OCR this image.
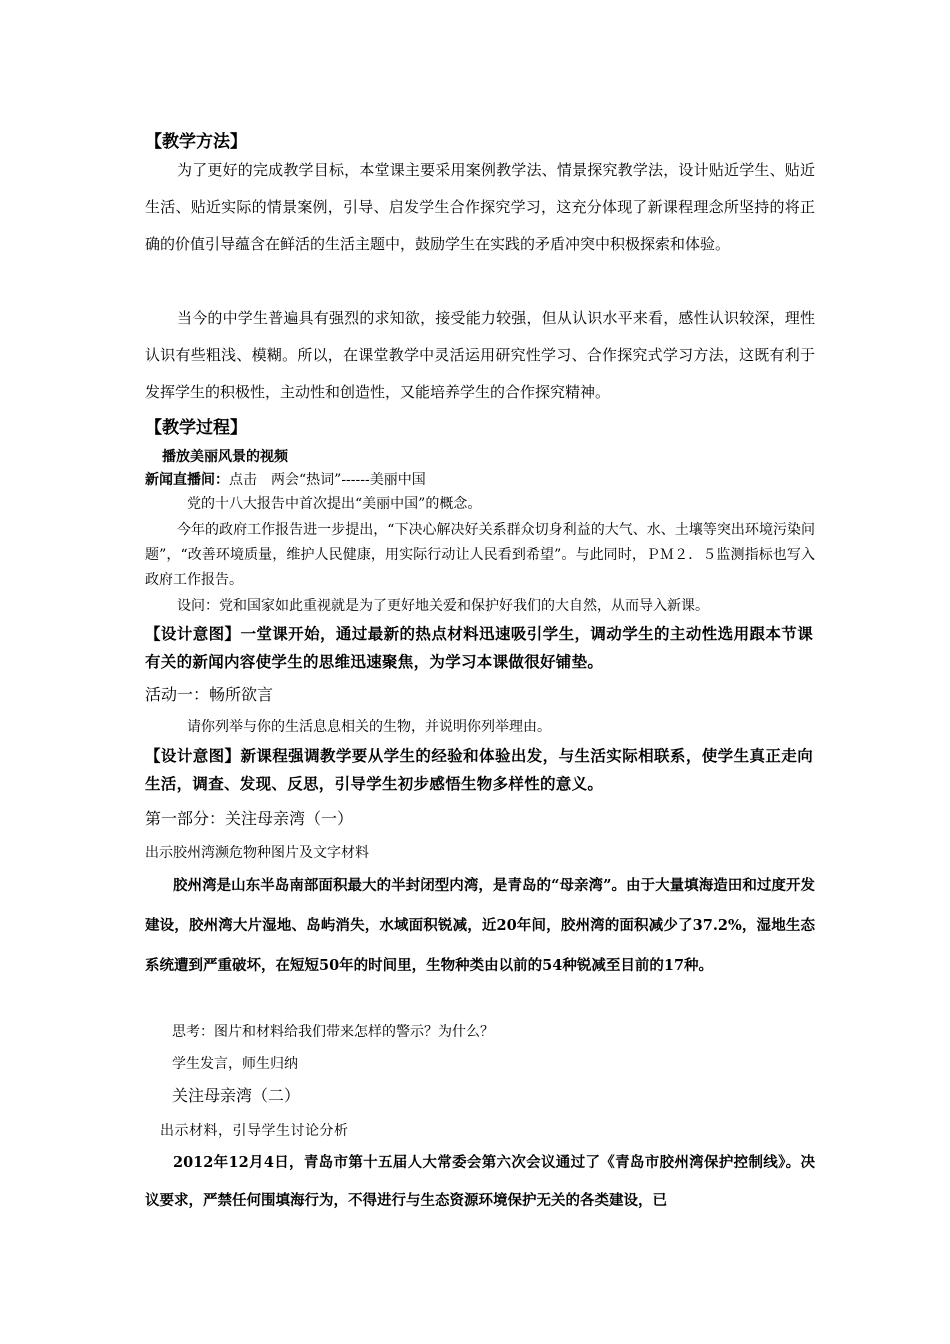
【教学方法】

为了更好的完成教学目标，本堂课主要采用案例教学法、情景探究教学法，设计贴近学生、贴近生活、贴近实际的情景案例，引导、启发学生合作探究学习，这充分体现了新课程理念所坚持的将正确的价值引导蕴含在鲜活的生活主题中，鼓励学生在实践的矛盾冲突中积极探索和体验。

当今的中学生普遍具有强烈的求知欲，接受能力较强，但从认识水平来看，感性认识较深，理性认识有些粗浅、模糊。所以，在课堂教学中灵活运用研究性学习、合作探究式学习方法，这既有利于发挥学生的积极性，主动性和创造性，又能培养学生的合作探究精神。

【教学过程】
播放美丽风景的视频
新闻直播间：点击　两会“热词”------美丽中国
党的十八大报告中首次提出“美丽中国”的概念。

今年的政府工作报告进一步提出，“下决心解决好关系群众切身利益的大气、水、土壤等突出环境污染问题”，“改善环境质量，维护人民健康，用实际行动让人民看到希望”。与此同时，ＰＭ２．５监测指标也写入政府工作报告。

设问：党和国家如此重视就是为了更好地关爱和保护好我们的大自然，从而导入新课。

【设计意图】一堂课开始，通过最新的热点材料迅速吸引学生，调动学生的主动性选用跟本节课有关的新闻内容使学生的思维迅速聚焦，为学习本课做很好铺垫。

活动一：畅所欲言
请你列举与你的生活息息相关的生物，并说明你列举理由。

【设计意图】新课程强调教学要从学生的经验和体验出发，与生活实际相联系，使学生真正走向生活，调查、发现、反思，引导学生初步感悟生物多样性的意义。

第一部分：关注母亲湾（一）
出示胶州湾濒危物种图片及文字材料

胶州湾是山东半岛南部面积最大的半封闭型内湾，是青岛的“母亲湾”。由于大量填海造田和过度开发建设，胶州湾大片湿地、岛屿消失，水域面积锐减，近20年间，胶州湾的面积减少了37.2%，湿地生态系统遭到严重破坏，在短短50年的时间里，生物种类由以前的54种锐减至目前的17种。

思考：图片和材料给我们带来怎样的警示？为什么？
学生发言，师生归纳
关注母亲湾（二）
出示材料，引导学生讨论分析

2012年12月4日，青岛市第十五届人大常委会第六次会议通过了《青岛市胶州湾保护控制线》。决议要求，严禁任何围填海行为，不得进行与生态资源环境保护无关的各类建设，已
